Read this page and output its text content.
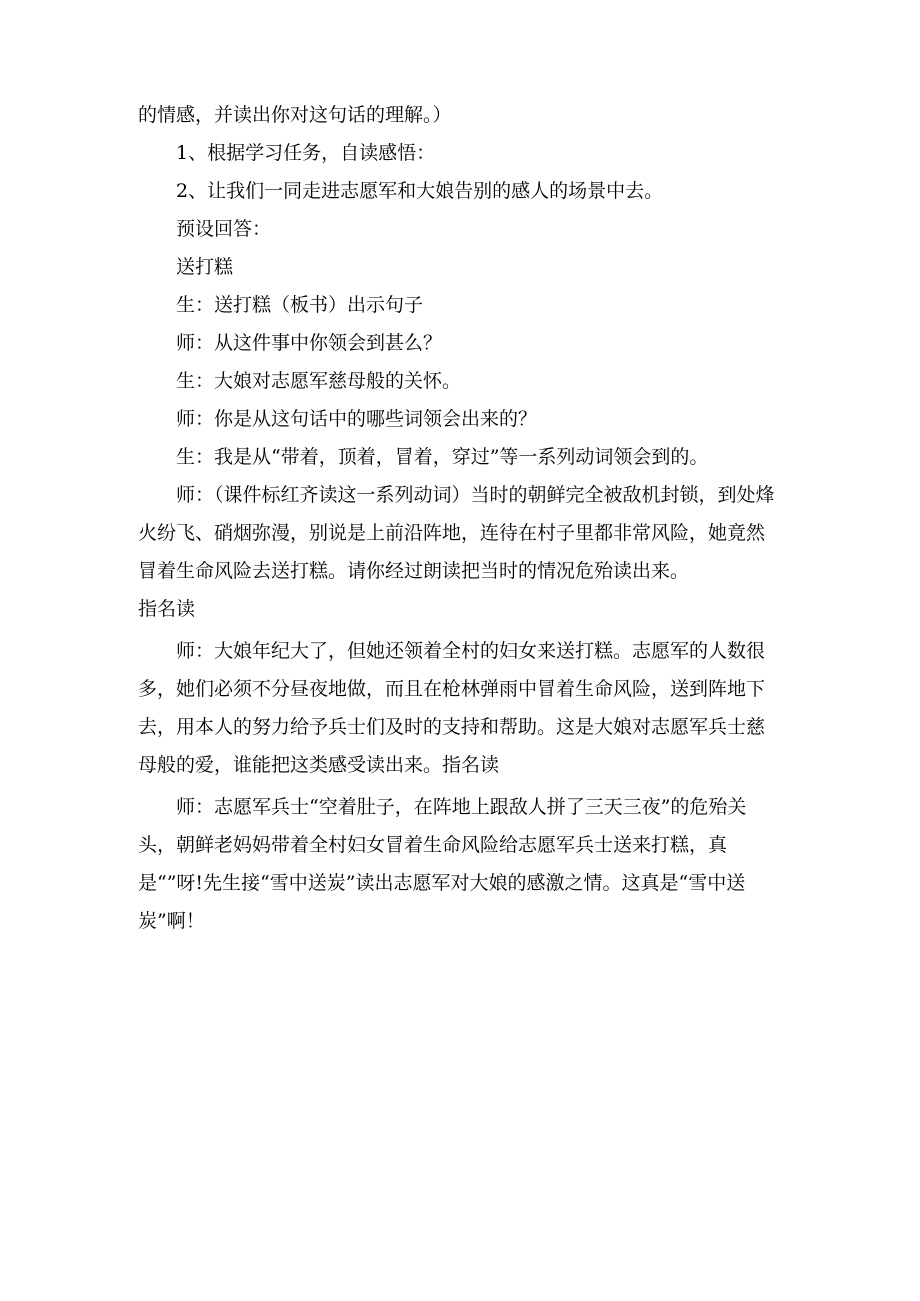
的情感，并读出你对这句话的理解。）

1、根据学习任务，自读感悟：

2、让我们一同走进志愿军和大娘告别的感人的场景中去。

预设回答：

送打糕

生：送打糕（板书）出示句子

师：从这件事中你领会到甚么？

生：大娘对志愿军慈母般的关怀。

师：你是从这句话中的哪些词领会出来的？

生：我是从“带着，顶着，冒着，穿过”等一系列动词领会到的。

师：（课件标红齐读这一系列动词）当时的朝鲜完全被敌机封锁，到处烽火纷飞、硝烟弥漫，别说是上前沿阵地，连待在村子里都非常风险，她竟然冒着生命风险去送打糕。请你经过朗读把当时的情况危殆读出来。

指名读

师：大娘年纪大了，但她还领着全村的妇女来送打糕。志愿军的人数很多，她们必须不分昼夜地做，而且在枪林弹雨中冒着生命风险，送到阵地下去，用本人的努力给予兵士们及时的支持和帮助。这是大娘对志愿军兵士慈母般的爱，谁能把这类感受读出来。指名读

师：志愿军兵士“空着肚子，在阵地上跟敌人拼了三天三夜”的危殆关头，朝鲜老妈妈带着全村妇女冒着生命风险给志愿军兵士送来打糕，真是“”呀!先生接“雪中送炭”读出志愿军对大娘的感激之情。这真是“雪中送炭”啊！
